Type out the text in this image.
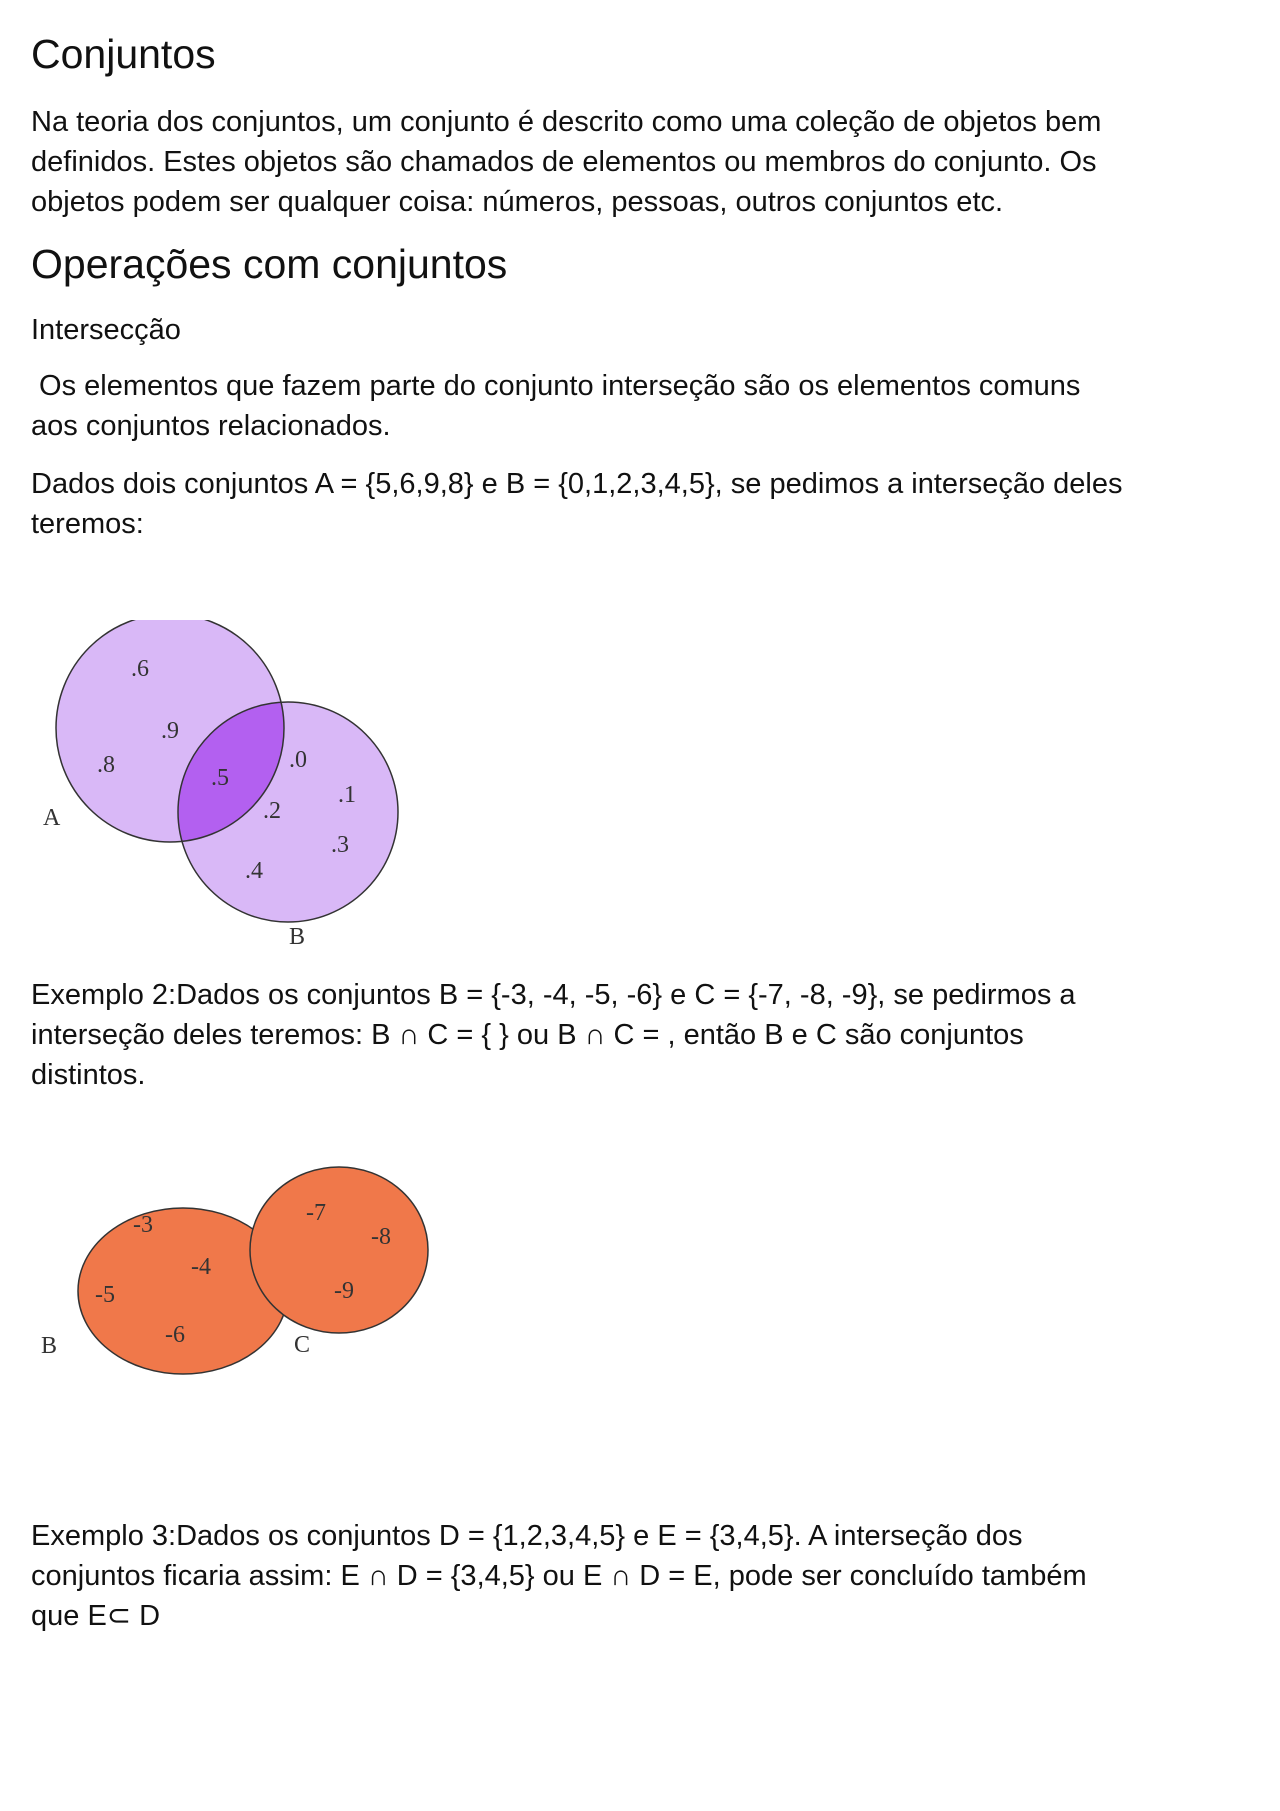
Conjuntos
Na teoria dos conjuntos, um conjunto é descrito como uma coleção de objetos bem
definidos. Estes objetos são chamados de elementos ou membros do conjunto. Os
objetos podem ser qualquer coisa: números, pessoas, outros conjuntos etc.
Operações com conjuntos
Intersecção
Os elementos que fazem parte do conjunto interseção são os elementos comuns
aos conjuntos relacionados.
Dados dois conjuntos A = {5,6,9,8} e B = {0,1,2,3,4,5}, se pedimos a interseção deles
teremos:
Exemplo 2:Dados os conjuntos B = {-3, -4, -5, -6} e C = {-7, -8, -9}, se pedirmos a
interseção deles teremos: B ∩ C = { } ou B ∩ C = , então B e C são conjuntos
distintos.
Exemplo 3:Dados os conjuntos D = {1,2,3,4,5} e E = {3,4,5}. A interseção dos
conjuntos ficaria assim: E ∩ D = {3,4,5} ou E ∩ D = E, pode ser concluído também
que E⊂ D
.6
.9
.8	.5
.0
.1
.2
.3
.4
A
B
-3
-4
-5
-6
-7
-8
-9
B	C
